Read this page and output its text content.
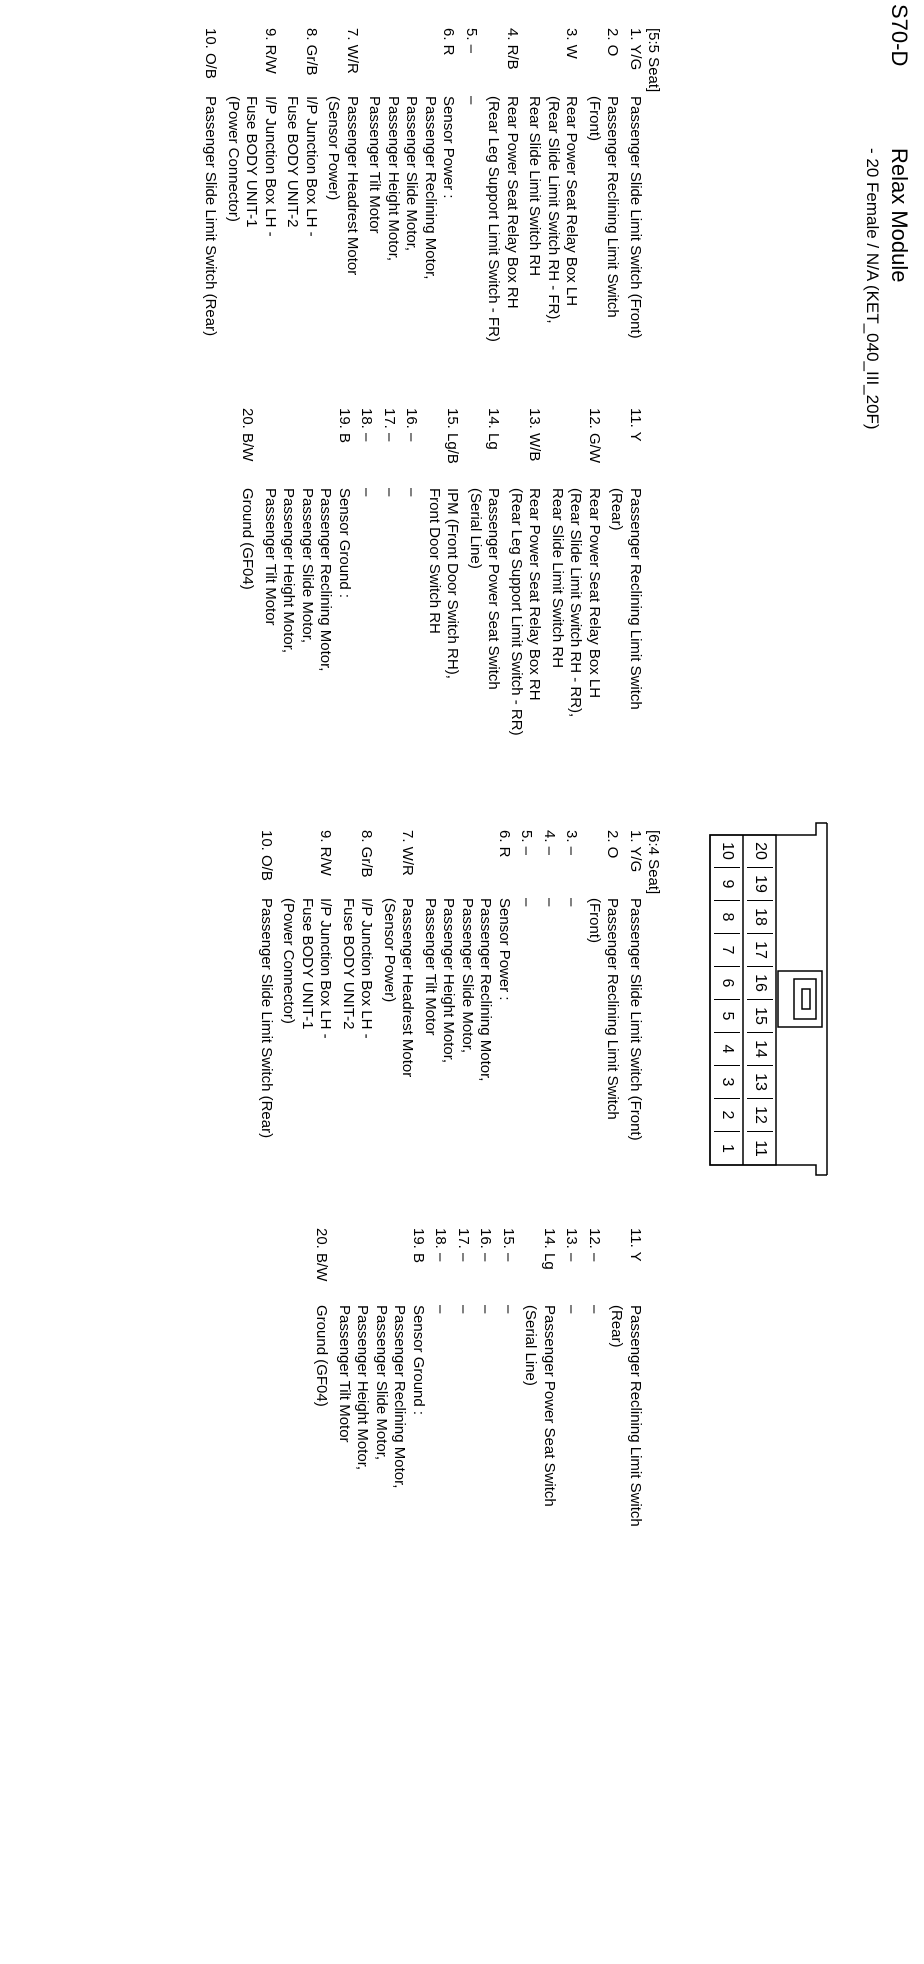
S70-D
Relax Module
- 20 Female / N/A (KET_040_III_20F)
10
9
8
7
6
5
4
3
2
1
20
19
18
17
16
15
14
13
12
11
[5:5 Seat]
1. Y/G
Passenger Slide Limit Switch (Front)
2. O
Passenger Reclining Limit Switch
(Front)
3. W
Rear Power Seat Relay Box LH
(Rear Slide Limit Switch RH - FR),
Rear Slide Limit Switch RH
4. R/B
Rear Power Seat Relay Box RH
(Rear Leg Support Limit Switch - FR)
5. –
–
6. R
Sensor Power :
Passenger Reclining Motor,
Passenger Slide Motor,
Passenger Height Motor,
Passenger Tilt Motor
7. W/R
Passenger Headrest Motor
(Sensor Power)
8. Gr/B
I/P Junction Box LH -
Fuse BODY UNIT-2
9. R/W
I/P Junction Box LH -
Fuse BODY UNIT-1
(Power Connector)
10. O/B
Passenger Slide Limit Switch (Rear)
11. Y
Passenger Reclining Limit Switch
(Rear)
12. G/W
Rear Power Seat Relay Box LH
(Rear Slide Limit Switch RH - RR),
Rear Slide Limit Switch RH
13. W/B
Rear Power Seat Relay Box RH
(Rear Leg Support Limit Switch - RR)
14. Lg
Passenger Power Seat Switch
(Serial Line)
15. Lg/B
IPM (Front Door Switch RH),
Front Door Switch RH
16. –
–
17. –
–
18. –
–
19. B
Sensor Ground :
Passenger Reclining Motor,
Passenger Slide Motor,
Passenger Height Motor,
Passenger Tilt Motor
20. B/W
Ground (GF04)
[6:4 Seat]
1. Y/G
Passenger Slide Limit Switch (Front)
2. O
Passenger Reclining Limit Switch
(Front)
3. –
–
4. –
–
5. –
–
6. R
Sensor Power :
Passenger Reclining Motor,
Passenger Slide Motor,
Passenger Height Motor,
Passenger Tilt Motor
7. W/R
Passenger Headrest Motor
(Sensor Power)
8. Gr/B
I/P Junction Box LH -
Fuse BODY UNIT-2
9. R/W
I/P Junction Box LH -
Fuse BODY UNIT-1
(Power Connector)
10. O/B
Passenger Slide Limit Switch (Rear)
11. Y
Passenger Reclining Limit Switch
(Rear)
12. –
–
13. –
–
14. Lg
Passenger Power Seat Switch
(Serial Line)
15. –
–
16. –
–
17. –
–
18. –
–
19. B
Sensor Ground :
Passenger Reclining Motor,
Passenger Slide Motor,
Passenger Height Motor,
Passenger Tilt Motor
20. B/W
Ground (GF04)
